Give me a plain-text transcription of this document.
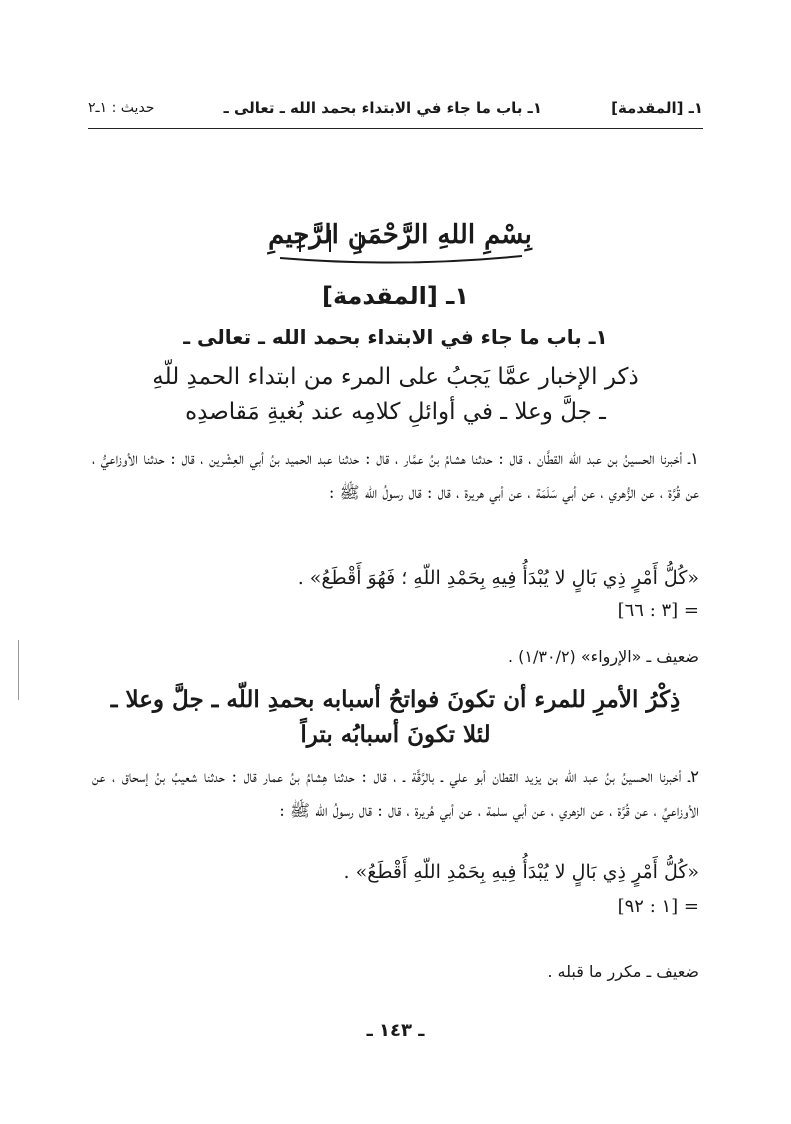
١ـ [المقدمة]
١ـ باب ما جاء في الابتداء بحمد الله ـ تعالى ـ
حديث : ١ـ٢
بِسْمِ اللهِ الرَّحْمَنِ الرَّحِيمِ
١ـ [المقدمة]
١ـ باب ما جاء في الابتداء بحمد الله ـ تعالى ـ
ذكر الإخبار عمَّا يَجبُ على المرء من ابتداء الحمدِ للّهِ
ـ جلَّ وعلا ـ في أوائلِ كلامِه عند بُغيةِ مَقاصدِه
١ـ أخبرنا الحسينُ بن عبد اللّه القطَّان ، قال : حدثنا هشامُ بنُ عمَّار ، قال : حدثنا عبد الحميد بنُ أبي العِشْرين ، قال : حدثنا الأوزاعيُّ ، عن قُرَّة ، عن الزُّهري ، عن أبي سَلَمَة ، عن أبي هريرة ، قال : قال رسولُ اللّه ﷺ :
«كُلُّ أَمْرٍ ذِي بَالٍ لا يُبْدَأُ فِيهِ بِحَمْدِ اللّهِ ؛ فَهُوَ أَقْطَعُ» .
= [٣ : ٦٦]
ضعيف ـ «الإرواء» (١/٣٠/٢) .
ذِكْرُ الأمرِ للمرء أن تكونَ فواتحُ أسبابه بحمدِ اللّه ـ جلَّ وعلا ـ
لئلا تكونَ أسبابُه بتراً
٢ـ أخبرنا الحسينُ بنُ عبد اللّه بن يزيد القطان أبو علي ـ بالرَّقَّة ـ ، قال : حدثنا هِشامُ بنُ عمار قال : حدثنا شعيبُ بنُ إسحاق ، عن الأوزاعيِّ ، عن قُرَّة ، عن الزهري ، عن أبي سلمة ، عن أبي هُريرة ، قال : قال رسولُ اللّه ﷺ :
«كُلُّ أَمْرٍ ذِي بَالٍ لا يُبْدَأُ فِيهِ بِحَمْدِ اللّهِ أَقْطَعُ» .
= [١ : ٩٢]
ضعيف ـ مكرر ما قبله .
ـ ١٤٣ ـ
